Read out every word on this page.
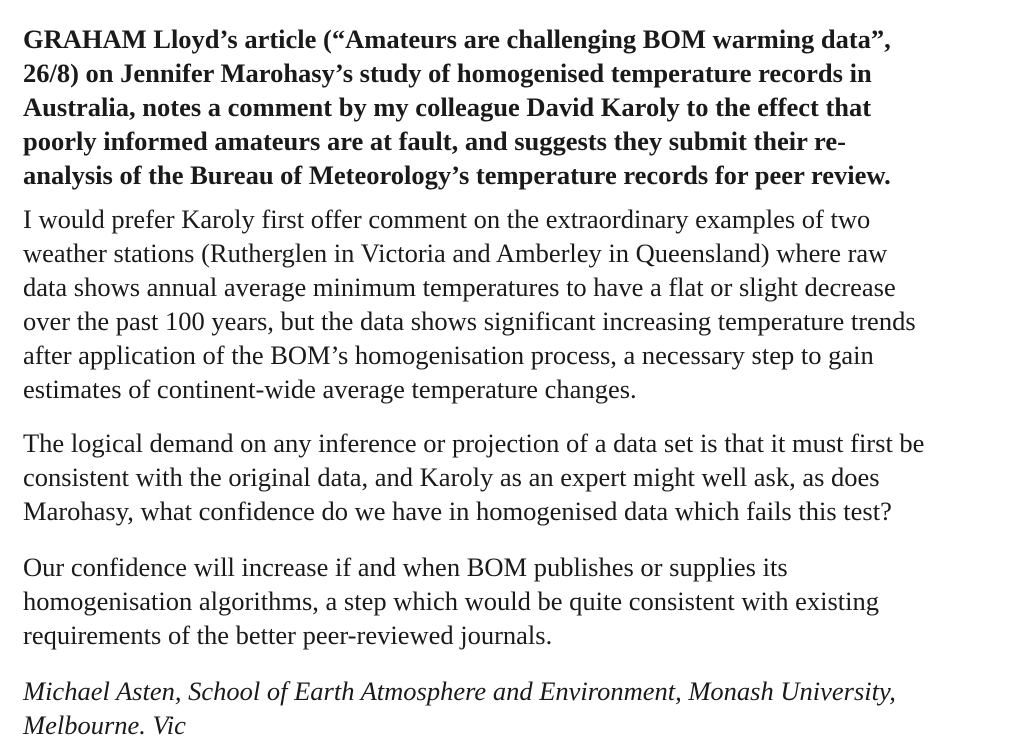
GRAHAM Lloyd’s article (“Amateurs are challenging BOM warming data”,
26/8) on Jennifer Marohasy’s study of homogenised temperature records in
Australia, notes a comment by my colleague David Karoly to the effect that
poorly informed amateurs are at fault, and suggests they submit their re-
analysis of the Bureau of Meteorology’s temperature records for peer review.

I would prefer Karoly first offer comment on the extraordinary examples of two
weather stations (Rutherglen in Victoria and Amberley in Queensland) where raw
data shows annual average minimum temperatures to have a flat or slight decrease
over the past 100 years, but the data shows significant increasing temperature trends
after application of the BOM’s homogenisation process, a necessary step to gain
estimates of continent-wide average temperature changes.

The logical demand on any inference or projection of a data set is that it must first be
consistent with the original data, and Karoly as an expert might well ask, as does
Marohasy, what confidence do we have in homogenised data which fails this test?

Our confidence will increase if and when BOM publishes or supplies its
homogenisation algorithms, a step which would be quite consistent with existing
requirements of the better peer-reviewed journals.

Michael Asten, School of Earth Atmosphere and Environment, Monash University,
Melbourne. Vic
